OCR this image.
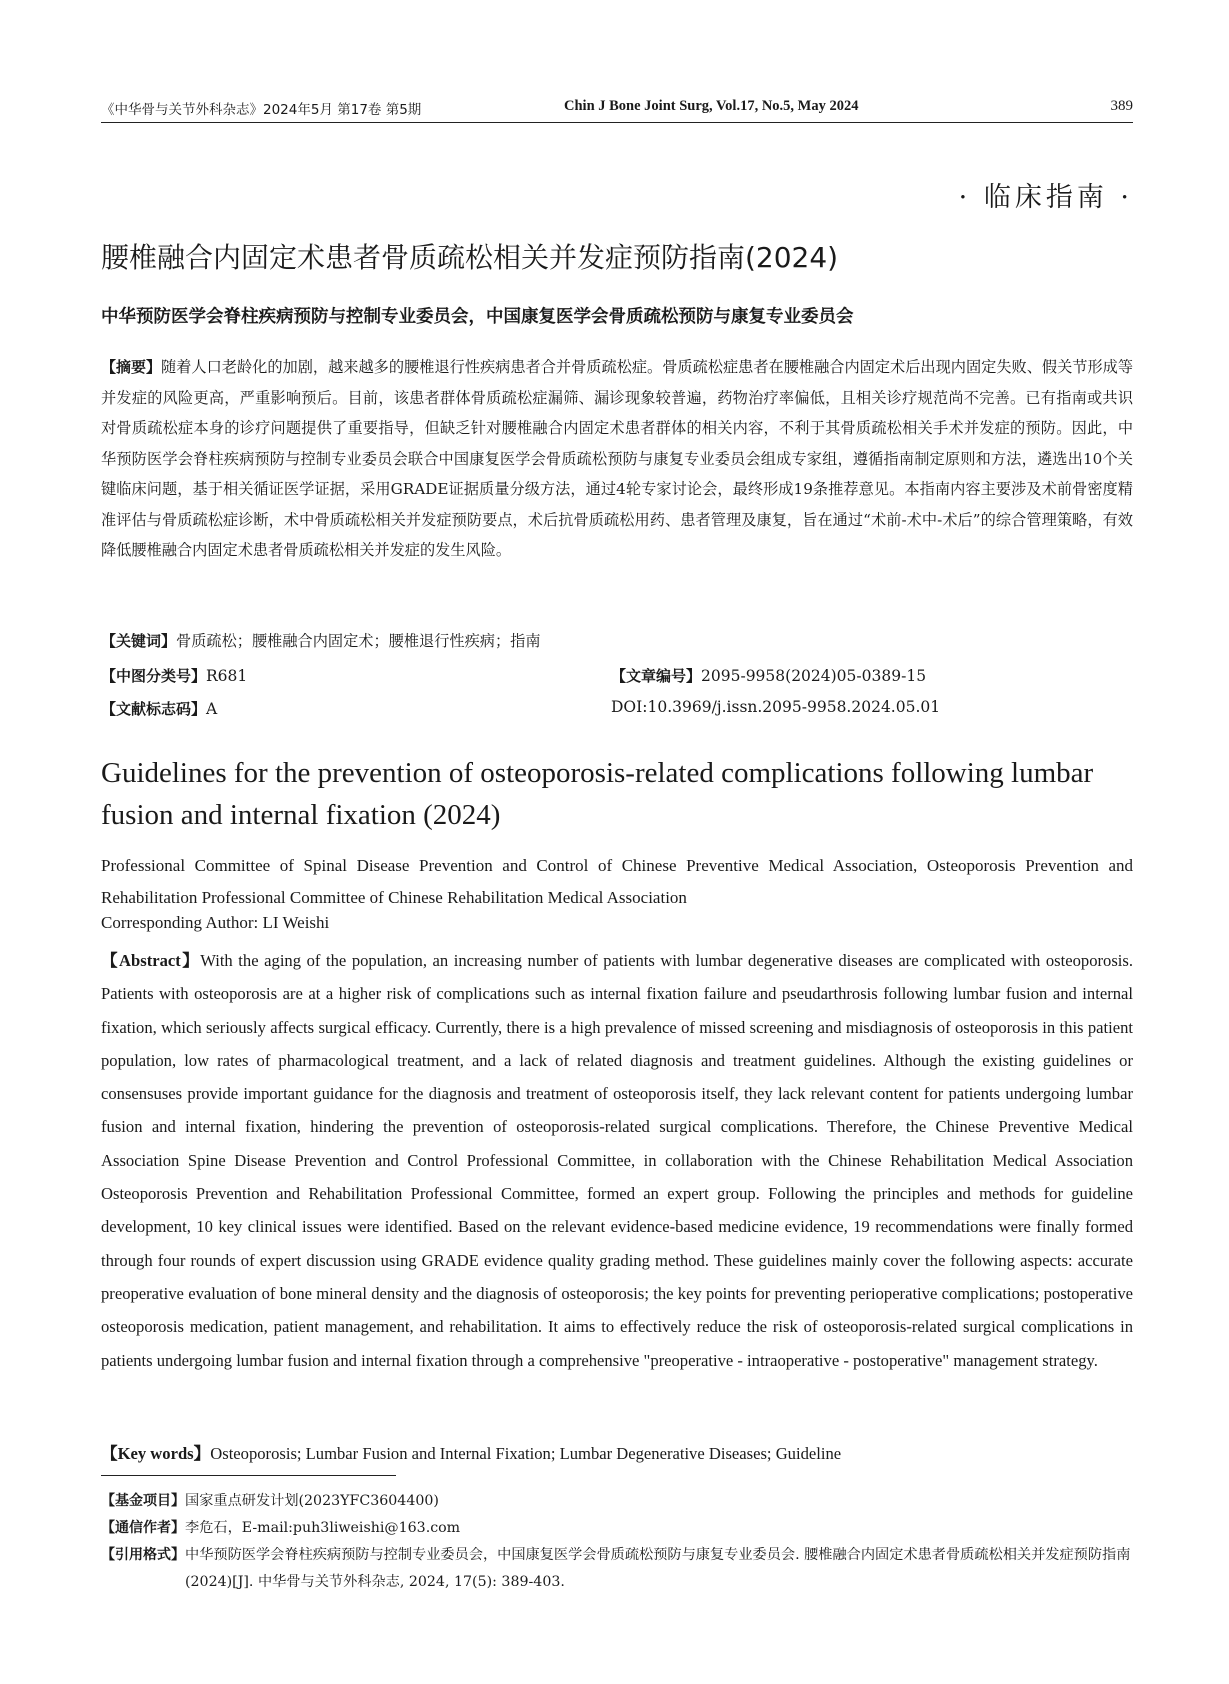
《中华骨与关节外科杂志》2024年5月 第17卷 第5期	Chin J Bone Joint Surg, Vol.17, No.5, May 2024	389
· 临床指南 ·
腰椎融合内固定术患者骨质疏松相关并发症预防指南(2024)
中华预防医学会脊柱疾病预防与控制专业委员会，中国康复医学会骨质疏松预防与康复专业委员会
【摘要】随着人口老龄化的加剧，越来越多的腰椎退行性疾病患者合并骨质疏松症。骨质疏松症患者在腰椎融合内固定术后出现内固定失败、假关节形成等并发症的风险更高，严重影响预后。目前，该患者群体骨质疏松症漏筛、漏诊现象较普遍，药物治疗率偏低，且相关诊疗规范尚不完善。已有指南或共识对骨质疏松症本身的诊疗问题提供了重要指导，但缺乏针对腰椎融合内固定术患者群体的相关内容，不利于其骨质疏松相关手术并发症的预防。因此，中华预防医学会脊柱疾病预防与控制专业委员会联合中国康复医学会骨质疏松预防与康复专业委员会组成专家组，遵循指南制定原则和方法，遴选出10个关键临床问题，基于相关循证医学证据，采用GRADE证据质量分级方法，通过4轮专家讨论会，最终形成19条推荐意见。本指南内容主要涉及术前骨密度精准评估与骨质疏松症诊断，术中骨质疏松相关并发症预防要点，术后抗骨质疏松用药、患者管理及康复，旨在通过“术前-术中-术后”的综合管理策略，有效降低腰椎融合内固定术患者骨质疏松相关并发症的发生风险。
【关键词】骨质疏松；腰椎融合内固定术；腰椎退行性疾病；指南
【中图分类号】R681	【文章编号】2095-9958(2024)05-0389-15
【文献标志码】A	DOI:10.3969/j.issn.2095-9958.2024.05.01
Guidelines for the prevention of osteoporosis-related complications following lumbar fusion and internal fixation (2024)
Professional Committee of Spinal Disease Prevention and Control of Chinese Preventive Medical Association, Osteoporosis Prevention and Rehabilitation Professional Committee of Chinese Rehabilitation Medical Association
Corresponding Author: LI Weishi
【Abstract】With the aging of the population, an increasing number of patients with lumbar degenerative diseases are complicated with osteoporosis. Patients with osteoporosis are at a higher risk of complications such as internal fixation failure and pseudarthrosis following lumbar fusion and internal fixation, which seriously affects surgical efficacy. Currently, there is a high prevalence of missed screening and misdiagnosis of osteoporosis in this patient population, low rates of pharmacological treatment, and a lack of related diagnosis and treatment guidelines. Although the existing guidelines or consensuses provide important guidance for the diagnosis and treatment of osteoporosis itself, they lack relevant content for patients undergoing lumbar fusion and internal fixation, hindering the prevention of osteoporosis-related surgical complications. Therefore, the Chinese Preventive Medical Association Spine Disease Prevention and Control Professional Committee, in collaboration with the Chinese Rehabilitation Medical Association Osteoporosis Prevention and Rehabilitation Professional Committee, formed an expert group. Following the principles and methods for guideline development, 10 key clinical issues were identified. Based on the relevant evidence-based medicine evidence, 19 recommendations were finally formed through four rounds of expert discussion using GRADE evidence quality grading method. These guidelines mainly cover the following aspects: accurate preoperative evaluation of bone mineral density and the diagnosis of osteoporosis; the key points for preventing perioperative complications; postoperative osteoporosis medication, patient management, and rehabilitation. It aims to effectively reduce the risk of osteoporosis-related surgical complications in patients undergoing lumbar fusion and internal fixation through a comprehensive "preoperative - intraoperative - postoperative" management strategy.
【Key words】Osteoporosis; Lumbar Fusion and Internal Fixation; Lumbar Degenerative Diseases; Guideline
【基金项目】国家重点研发计划(2023YFC3604400)
【通信作者】李危石，E-mail:puh3liweishi@163.com
【引用格式】 中华预防医学会脊柱疾病预防与控制专业委员会，中国康复医学会骨质疏松预防与康复专业委员会. 腰椎融合内固定术患者骨质疏松相关并发症预防指南(2024)[J]. 中华骨与关节外科杂志, 2024, 17(5): 389-403.
